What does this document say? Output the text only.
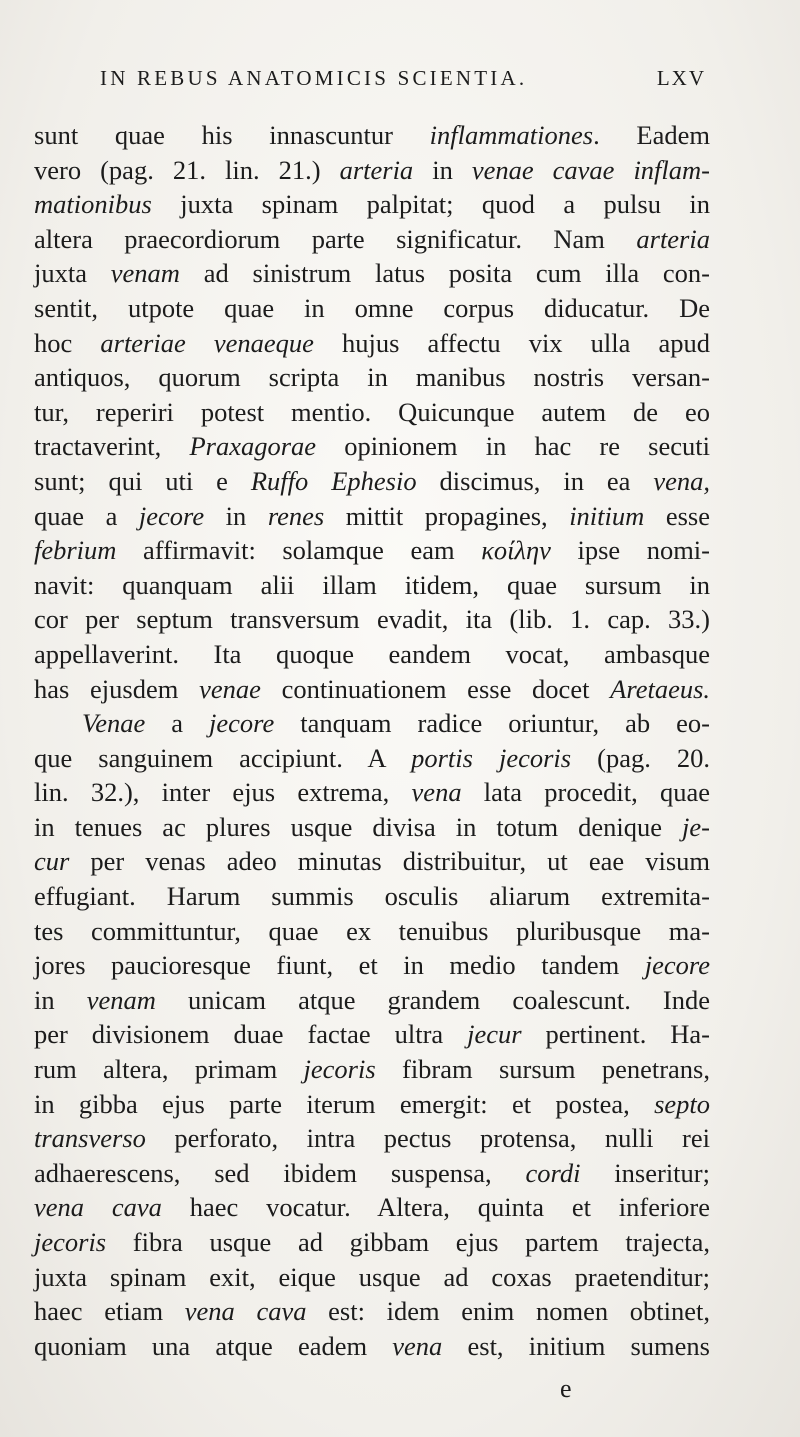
IN REBUS ANATOMICIS SCIENTIA.	LXV
sunt quae his innascuntur inflammationes. Eadem
vero (pag. 21. lin. 21.) arteria in venae cavae inflam-
mationibus juxta spinam palpitat; quod a pulsu in
altera praecordiorum parte significatur. Nam arteria
juxta venam ad sinistrum latus posita cum illa con-
sentit, utpote quae in omne corpus diducatur. De
hoc arteriae venaeque hujus affectu vix ulla apud
antiquos, quorum scripta in manibus nostris versan-
tur, reperiri potest mentio. Quicunque autem de eo
tractaverint, Praxagorae opinionem in hac re secuti
sunt; qui uti e Ruffo Ephesio discimus, in ea vena,
quae a jecore in renes mittit propagines, initium esse
febrium affirmavit: solamque eam κοίλην ipse nomi-
navit: quanquam alii illam itidem, quae sursum in
cor per septum transversum evadit, ita (lib. 1. cap. 33.)
appellaverint. Ita quoque eandem vocat, ambasque
has ejusdem venae continuationem esse docet Aretaeus.
Venae a jecore tanquam radice oriuntur, ab eo-
que sanguinem accipiunt. A portis jecoris (pag. 20.
lin. 32.), inter ejus extrema, vena lata procedit, quae
in tenues ac plures usque divisa in totum denique je-
cur per venas adeo minutas distribuitur, ut eae visum
effugiant. Harum summis osculis aliarum extremita-
tes committuntur, quae ex tenuibus pluribusque ma-
jores paucioresque fiunt, et in medio tandem jecore
in venam unicam atque grandem coalescunt. Inde
per divisionem duae factae ultra jecur pertinent. Ha-
rum altera, primam jecoris fibram sursum penetrans,
in gibba ejus parte iterum emergit: et postea, septo
transverso perforato, intra pectus protensa, nulli rei
adhaerescens, sed ibidem suspensa, cordi inseritur;
vena cava haec vocatur. Altera, quinta et inferiore
jecoris fibra usque ad gibbam ejus partem trajecta,
juxta spinam exit, eique usque ad coxas praetenditur;
haec etiam vena cava est: idem enim nomen obtinet,
quoniam una atque eadem vena est, initium sumens
e
